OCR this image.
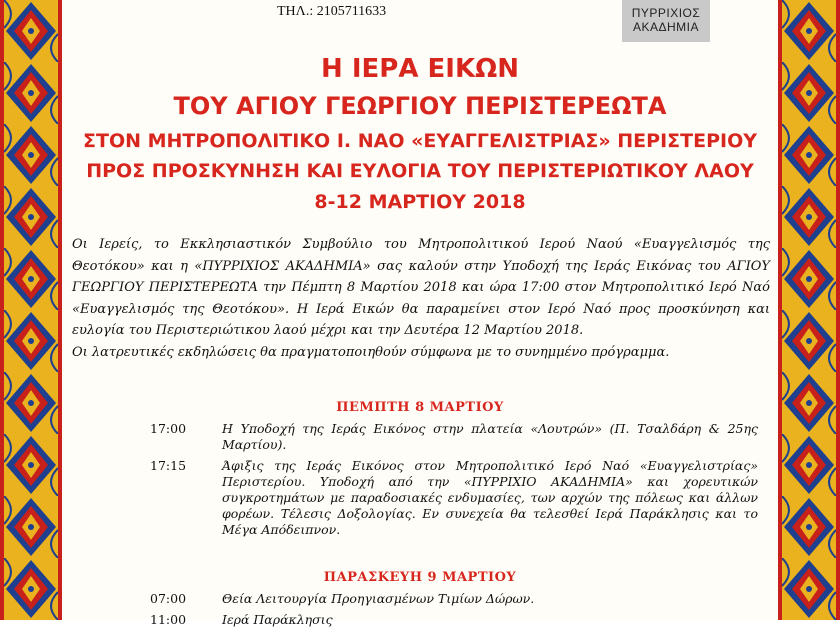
ΤΗΛ.: 2105711633	ΠΥΡΡΙΧΙΟΣ
ΑΚΑΔΗΜΙΑ
Η ΙΕΡΑ ΕΙΚΩΝ
ΤΟΥ ΑΓΙΟΥ ΓΕΩΡΓΙΟΥ ΠΕΡΙΣΤΕΡΕΩΤΑ
ΣΤΟΝ ΜΗΤΡΟΠΟΛΙΤΙΚΟ Ι. ΝΑΟ «ΕΥΑΓΓΕΛΙΣΤΡΙΑΣ» ΠΕΡΙΣΤΕΡΙΟΥ
ΠΡΟΣ ΠΡΟΣΚΥΝΗΣΗ ΚΑΙ ΕΥΛΟΓΙΑ ΤΟΥ ΠΕΡΙΣΤΕΡΙΩΤΙΚΟΥ ΛΑΟΥ
8-12 ΜΑΡΤΙΟΥ 2018
Οι Ιερείς, το Εκκλησιαστικόν Συμβούλιο του Μητροπολιτικού Ιερού Ναού «Ευαγγελισμός της Θεοτόκου» και η «ΠΥΡΡΙΧΙΟΣ ΑΚΑΔΗΜΙΑ» σας καλούν στην Υποδοχή της Ιεράς Εικόνας του ΑΓΙΟΥ ΓΕΩΡΓΙΟΥ ΠΕΡΙΣΤΕΡΕΩΤΑ την Πέμπτη 8 Μαρτίου 2018 και ώρα 17:00 στον Μητροπολιτικό Ιερό Ναό «Ευαγγελισμός της Θεοτόκου». Η Ιερά Εικών θα παραμείνει στον Ιερό Ναό προς προσκύνηση και ευλογία του Περιστεριώτικου λαού μέχρι και την Δευτέρα 12 Μαρτίου 2018.
Οι λατρευτικές εκδηλώσεις θα πραγματοποιηθούν σύμφωνα με το συνημμένο πρόγραμμα.
ΠΕΜΠΤΗ 8 ΜΑΡΤΙΟΥ
17:00	Η Υποδοχή της Ιεράς Εικόνος στην πλατεία «Λουτρών» (Π. Τσαλδάρη & 25ης Μαρτίου).
17:15	Άφιξις της Ιεράς Εικόνος στον Μητροπολιτικό Ιερό Ναό «Ευαγγελιστρίας» Περιστερίου. Υποδοχή από την «ΠΥΡΡΙΧΙΟ ΑΚΑΔΗΜΙΑ» και χορευτικών συγκροτημάτων με παραδοσιακές ενδυμασίες, των αρχών της πόλεως και άλλων φορέων. Τέλεσις Δοξολογίας. Εν συνεχεία θα τελεσθεί Ιερά Παράκλησις και το Μέγα Απόδειπνον.
ΠΑΡΑΣΚΕΥΗ 9 ΜΑΡΤΙΟΥ
07:00	Θεία Λειτουργία Προηγιασμένων Τιμίων Δώρων.
11:00	Ιερά Παράκλησις
